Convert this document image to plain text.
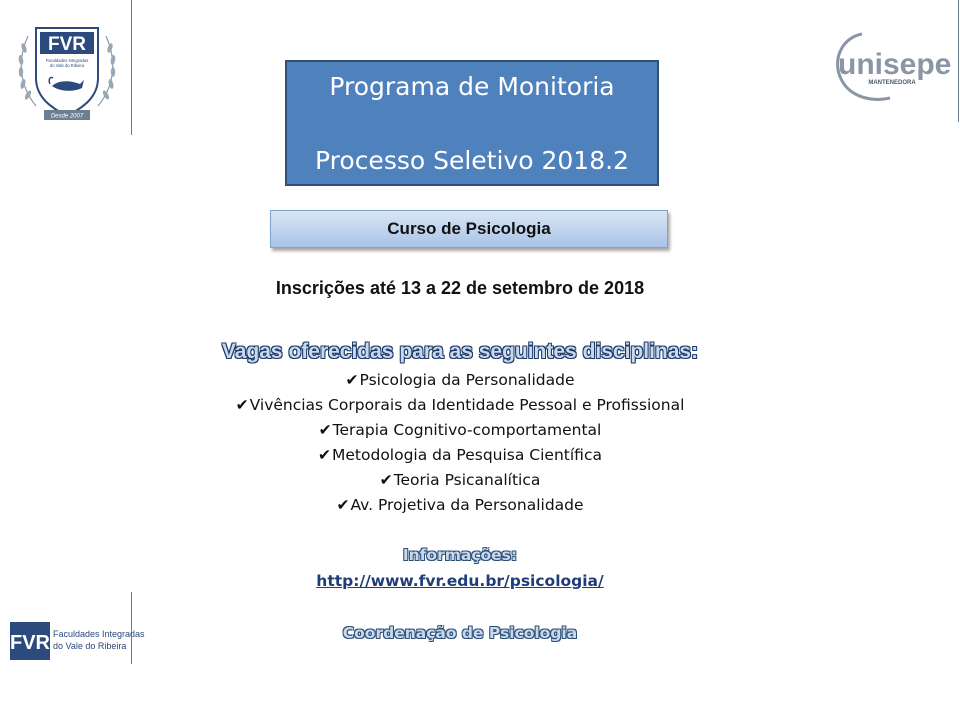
FVR
Faculdades Integradas
do Vale do Ribeira
Desde 2007
unisepe
MANTENEDORA
FVR Faculdades Integradas
do Vale do Ribeira
Programa de Monitoria
Processo Seletivo 2018.2
Curso de Psicologia
Inscrições até 13 a 22 de setembro de 2018
Vagas oferecidas para as seguintes disciplinas:
✔Psicologia da Personalidade
✔Vivências Corporais da Identidade Pessoal e Profissional
✔Terapia Cognitivo-comportamental
✔Metodologia da Pesquisa Científica
✔Teoria Psicanalítica
✔Av. Projetiva da Personalidade
Informações:
http://www.fvr.edu.br/psicologia/
Coordenação de Psicologia
